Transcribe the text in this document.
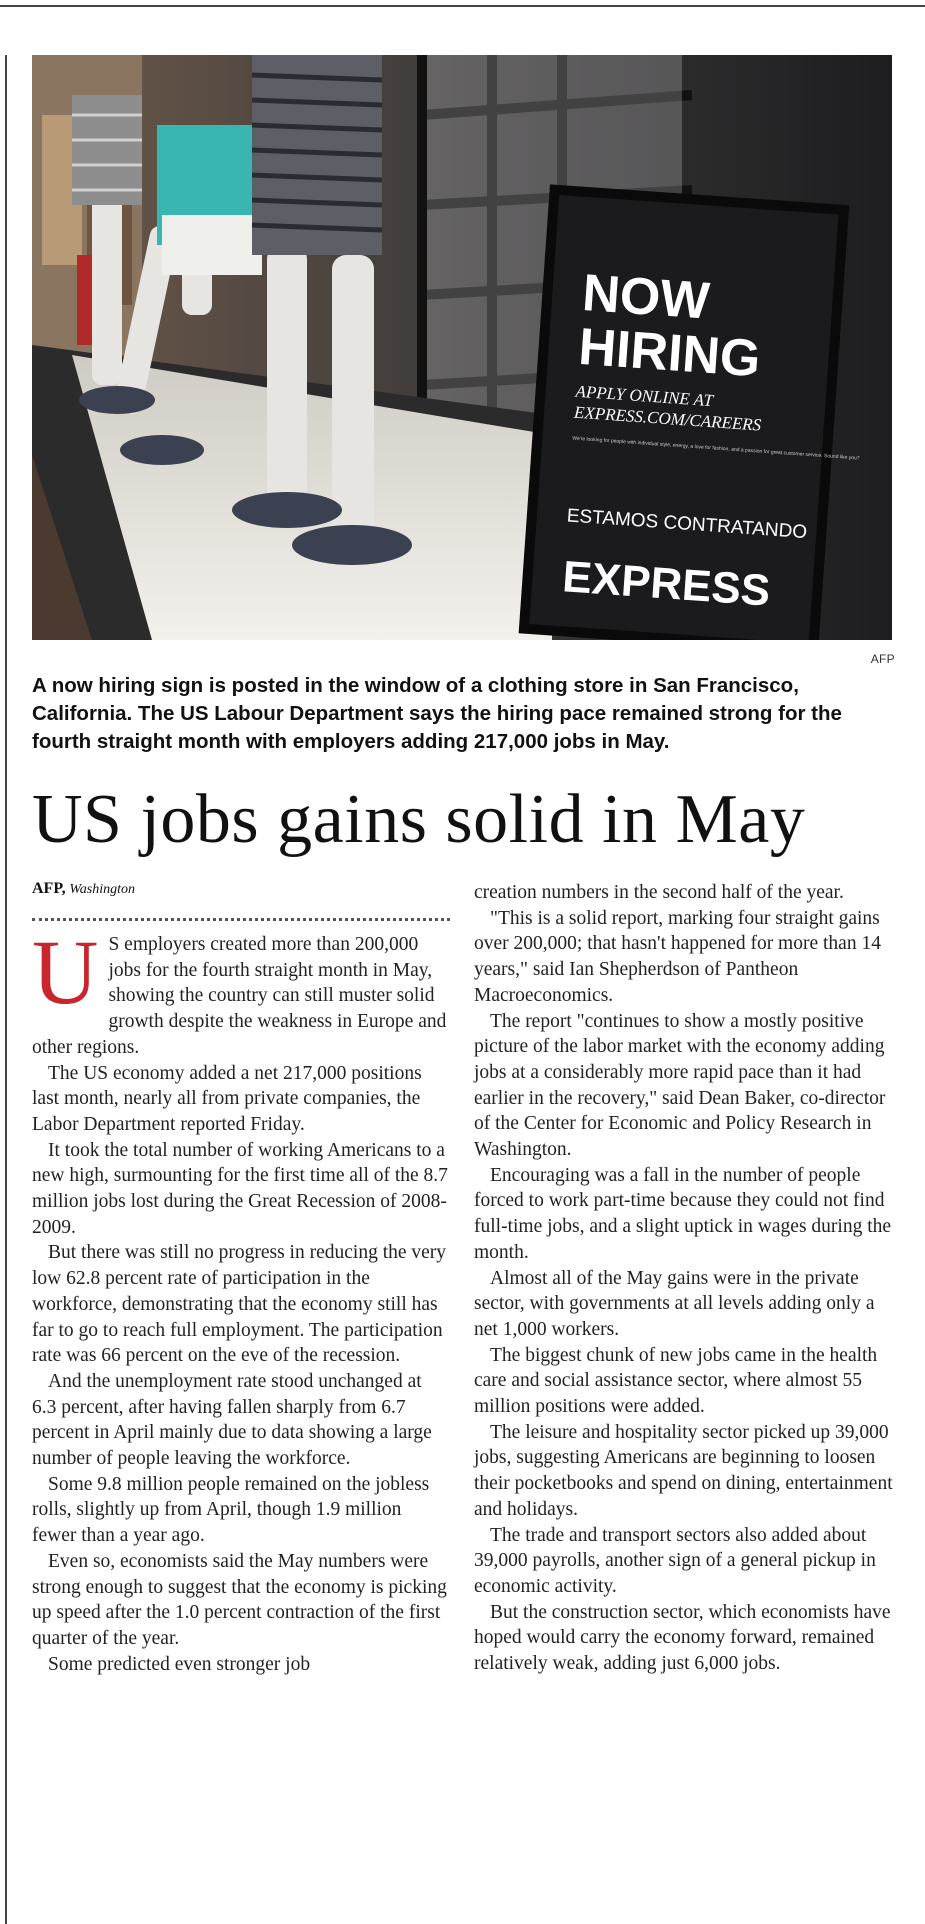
NOW
HIRING
APPLY ONLINE AT
EXPRESS.COM/CAREERS
We're looking for people with individual style, energy, a love for fashion, and a passion for great customer service. Sound like you?
ESTAMOS CONTRATANDO
EXPRESS
AFP
A now hiring sign is posted in the window of a clothing store in San Francisco, California. The US Labour Department says the hiring pace remained strong for the fourth straight month with employers adding 217,000 jobs in May.
US jobs gains solid in May
AFP, Washington

U S employers created more than 200,000 jobs for the fourth straight month in May, showing the country can still muster solid growth despite the weakness in Europe and other regions.

The US economy added a net 217,000 positions last month, nearly all from private companies, the Labor Department reported Friday.

It took the total number of working Americans to a new high, surmounting for the first time all of the 8.7 million jobs lost during the Great Recession of 2008-2009.

But there was still no progress in reducing the very low 62.8 percent rate of participation in the workforce, demonstrating that the economy still has far to go to reach full employment. The participation rate was 66 percent on the eve of the recession.

And the unemployment rate stood unchanged at 6.3 percent, after having fallen sharply from 6.7 percent in April mainly due to data showing a large number of people leaving the workforce.

Some 9.8 million people remained on the jobless rolls, slightly up from April, though 1.9 million fewer than a year ago.

Even so, economists said the May numbers were strong enough to suggest that the economy is picking up speed after the 1.0 percent contraction of the first quarter of the year.

Some predicted even stronger job

creation numbers in the second half of the year.

"This is a solid report, marking four straight gains over 200,000; that hasn't happened for more than 14 years," said Ian Shepherdson of Pantheon Macroeconomics.

The report "continues to show a mostly positive picture of the labor market with the economy adding jobs at a considerably more rapid pace than it had earlier in the recovery," said Dean Baker, co-director of the Center for Economic and Policy Research in Washington.

Encouraging was a fall in the number of people forced to work part-time because they could not find full-time jobs, and a slight uptick in wages during the month.

Almost all of the May gains were in the private sector, with governments at all levels adding only a net 1,000 workers.

The biggest chunk of new jobs came in the health care and social assistance sector, where almost 55 million positions were added.

The leisure and hospitality sector picked up 39,000 jobs, suggesting Americans are beginning to loosen their pocketbooks and spend on dining, entertainment and holidays.

The trade and transport sectors also added about 39,000 payrolls, another sign of a general pickup in economic activity.

But the construction sector, which economists have hoped would carry the economy forward, remained relatively weak, adding just 6,000 jobs.
